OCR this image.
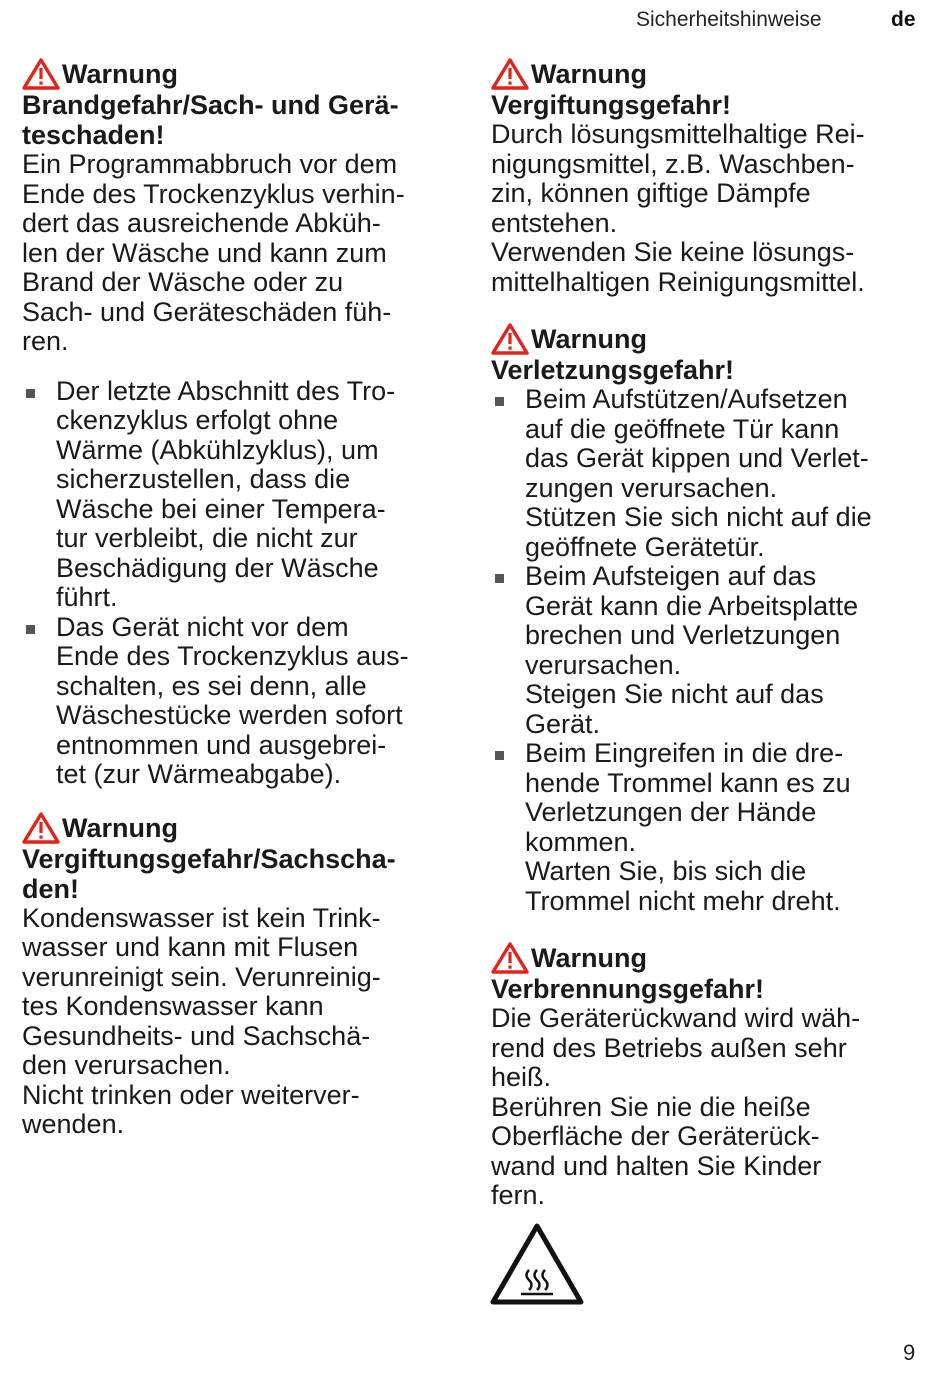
Sicherheitshinweise	de
Warnung
Brandgefahr/Sach- und Gerä-
teschaden!
Ein Programmabbruch vor dem
Ende des Trockenzyklus verhin-
dert das ausreichende Abküh-
len der Wäsche und kann zum
Brand der Wäsche oder zu
Sach- und Geräteschäden füh-
ren.
Der letzte Abschnitt des Tro-
ckenzyklus erfolgt ohne
Wärme (Abkühlzyklus), um
sicherzustellen, dass die
Wäsche bei einer Tempera-
tur verbleibt, die nicht zur
Beschädigung der Wäsche
führt.
Das Gerät nicht vor dem
Ende des Trockenzyklus aus-
schalten, es sei denn, alle
Wäschestücke werden sofort
entnommen und ausgebrei-
tet (zur Wärmeabgabe).
Warnung
Vergiftungsgefahr/Sachscha-
den!
Kondenswasser ist kein Trink-
wasser und kann mit Flusen
verunreinigt sein. Verunreinig-
tes Kondenswasser kann
Gesundheits- und Sachschä-
den verursachen.
Nicht trinken oder weiterver-
wenden.
Warnung
Vergiftungsgefahr!
Durch lösungsmittelhaltige Rei-
nigungsmittel, z.B. Waschben-
zin, können giftige Dämpfe
entstehen.
Verwenden Sie keine lösungs-
mittelhaltigen Reinigungsmittel.
Warnung
Verletzungsgefahr!
Beim Aufstützen/Aufsetzen
auf die geöffnete Tür kann
das Gerät kippen und Verlet-
zungen verursachen.
Stützen Sie sich nicht auf die
geöffnete Gerätetür.
Beim Aufsteigen auf das
Gerät kann die Arbeitsplatte
brechen und Verletzungen
verursachen.
Steigen Sie nicht auf das
Gerät.
Beim Eingreifen in die dre-
hende Trommel kann es zu
Verletzungen der Hände
kommen.
Warten Sie, bis sich die
Trommel nicht mehr dreht.
Warnung
Verbrennungsgefahr!
Die Geräterückwand wird wäh-
rend des Betriebs außen sehr
heiß.
Berühren Sie nie die heiße
Oberfläche der Geräterück-
wand und halten Sie Kinder
fern.
9
